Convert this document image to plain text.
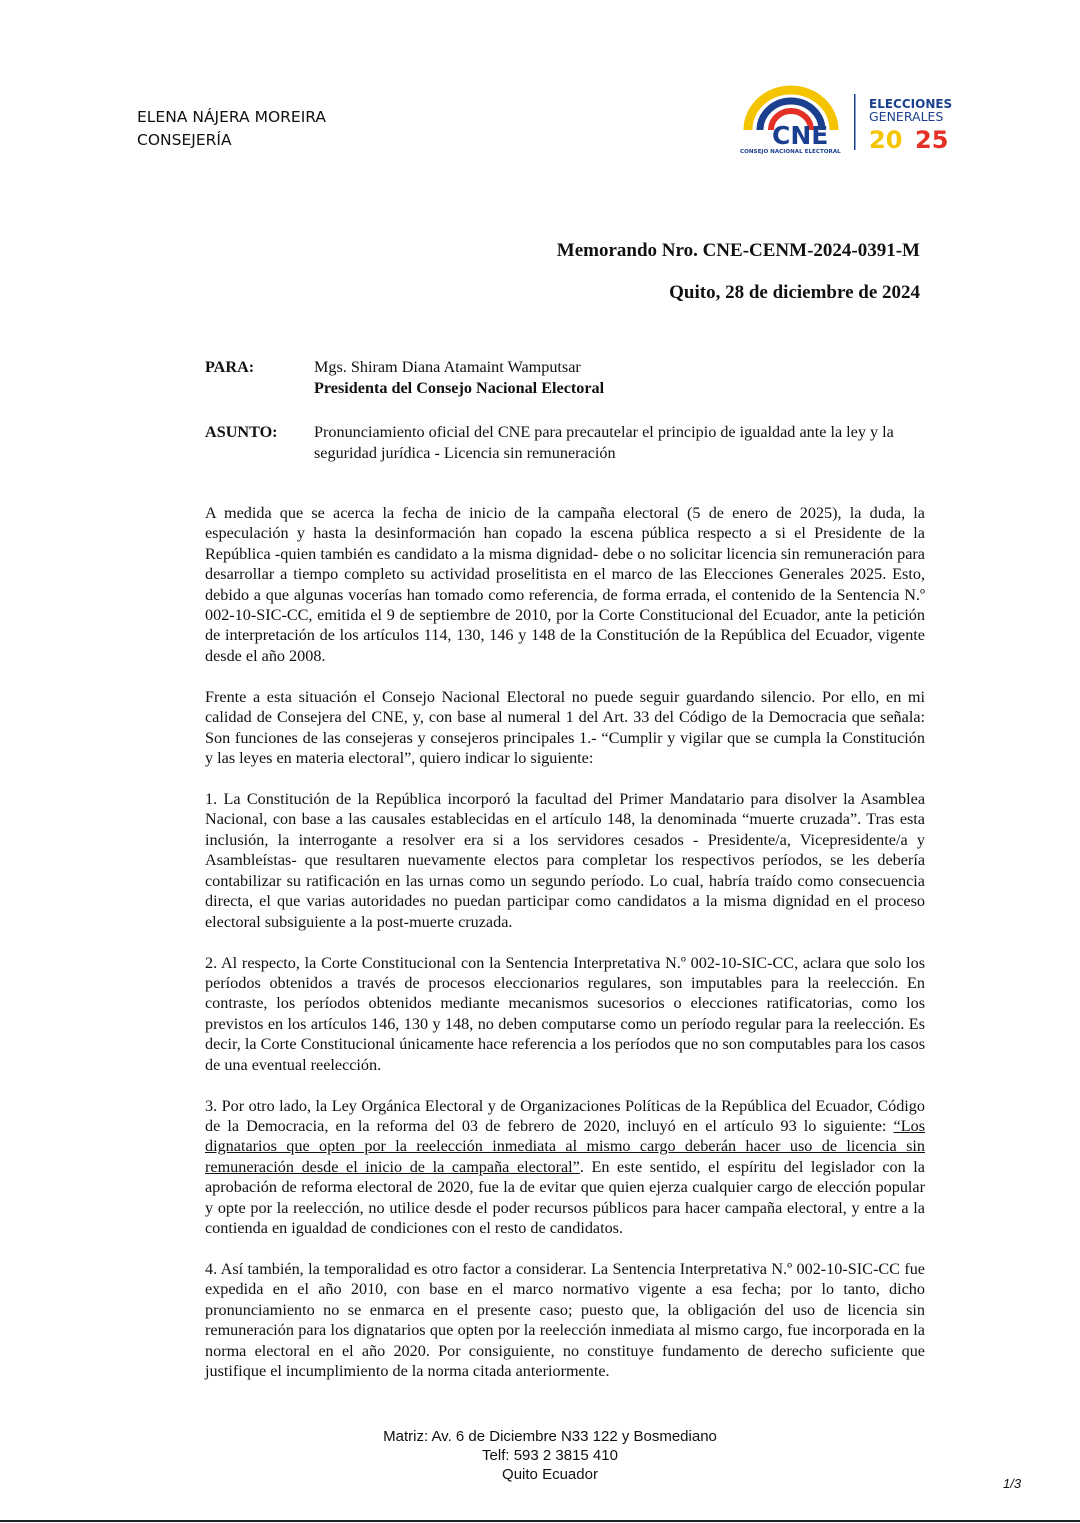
ELENA NÁJERA MOREIRA
CONSEJERÍA	CNE
CONSEJO NACIONAL ELECTORAL
ELECCIONES
GENERALES
20 25
Memorando Nro. CNE-CENM-2024-0391-M
Quito, 28 de diciembre de 2024
PARA:	Mgs. Shiram Diana Atamaint Wamputsar
Presidenta del Consejo Nacional Electoral
ASUNTO: Pronunciamiento oficial del CNE para precautelar el principio de igualdad ante la ley y la seguridad jurídica - Licencia sin remuneración

A medida que se acerca la fecha de inicio de la campaña electoral (5 de enero de 2025), la duda, la especulación y hasta la desinformación han copado la escena pública respecto a si el Presidente de la República -quien también es candidato a la misma dignidad- debe o no solicitar licencia sin remuneración para desarrollar a tiempo completo su actividad proselitista en el marco de las Elecciones Generales 2025. Esto, debido a que algunas vocerías han tomado como referencia, de forma errada, el contenido de la Sentencia N.º 002-10-SIC-CC, emitida el 9 de septiembre de 2010, por la Corte Constitucional del Ecuador, ante la petición de interpretación de los artículos 114, 130, 146 y 148 de la Constitución de la República del Ecuador, vigente desde el año 2008.

Frente a esta situación el Consejo Nacional Electoral no puede seguir guardando silencio. Por ello, en mi calidad de Consejera del CNE, y, con base al numeral 1 del Art. 33 del Código de la Democracia que señala: Son funciones de las consejeras y consejeros principales 1.- “Cumplir y vigilar que se cumpla la Constitución y las leyes en materia electoral”, quiero indicar lo siguiente:

1. La Constitución de la República incorporó la facultad del Primer Mandatario para disolver la Asamblea Nacional, con base a las causales establecidas en el artículo 148, la denominada “muerte cruzada”. Tras esta inclusión, la interrogante a resolver era si a los servidores cesados - Presidente/a, Vicepresidente/a y Asambleístas- que resultaren nuevamente electos para completar los respectivos períodos, se les debería contabilizar su ratificación en las urnas como un segundo período. Lo cual, habría traído como consecuencia directa, el que varias autoridades no puedan participar como candidatos a la misma dignidad en el proceso electoral subsiguiente a la post-muerte cruzada.

2. Al respecto, la Corte Constitucional con la Sentencia Interpretativa N.º 002-10-SIC-CC, aclara que solo los períodos obtenidos a través de procesos eleccionarios regulares, son imputables para la reelección. En contraste, los períodos obtenidos mediante mecanismos sucesorios o elecciones ratificatorias, como los previstos en los artículos 146, 130 y 148, no deben computarse como un período regular para la reelección. Es decir, la Corte Constitucional únicamente hace referencia a los períodos que no son computables para los casos de una eventual reelección.

3. Por otro lado, la Ley Orgánica Electoral y de Organizaciones Políticas de la República del Ecuador, Código de la Democracia, en la reforma del 03 de febrero de 2020, incluyó en el artículo 93 lo siguiente: “Los dignatarios que opten por la reelección inmediata al mismo cargo deberán hacer uso de licencia sin remuneración desde el inicio de la campaña electoral”. En este sentido, el espíritu del legislador con la aprobación de reforma electoral de 2020, fue la de evitar que quien ejerza cualquier cargo de elección popular y opte por la reelección, no utilice desde el poder recursos públicos para hacer campaña electoral, y entre a la contienda en igualdad de condiciones con el resto de candidatos.

4. Así también, la temporalidad es otro factor a considerar. La Sentencia Interpretativa N.º 002-10-SIC-CC fue expedida en el año 2010, con base en el marco normativo vigente a esa fecha; por lo tanto, dicho pronunciamiento no se enmarca en el presente caso; puesto que, la obligación del uso de licencia sin remuneración para los dignatarios que opten por la reelección inmediata al mismo cargo, fue incorporada en la norma electoral en el año 2020. Por consiguiente, no constituye fundamento de derecho suficiente que justifique el incumplimiento de la norma citada anteriormente.

Matriz: Av. 6 de Diciembre N33 122 y Bosmediano
Telf: 593 2 3815 410
Quito Ecuador
1/3
